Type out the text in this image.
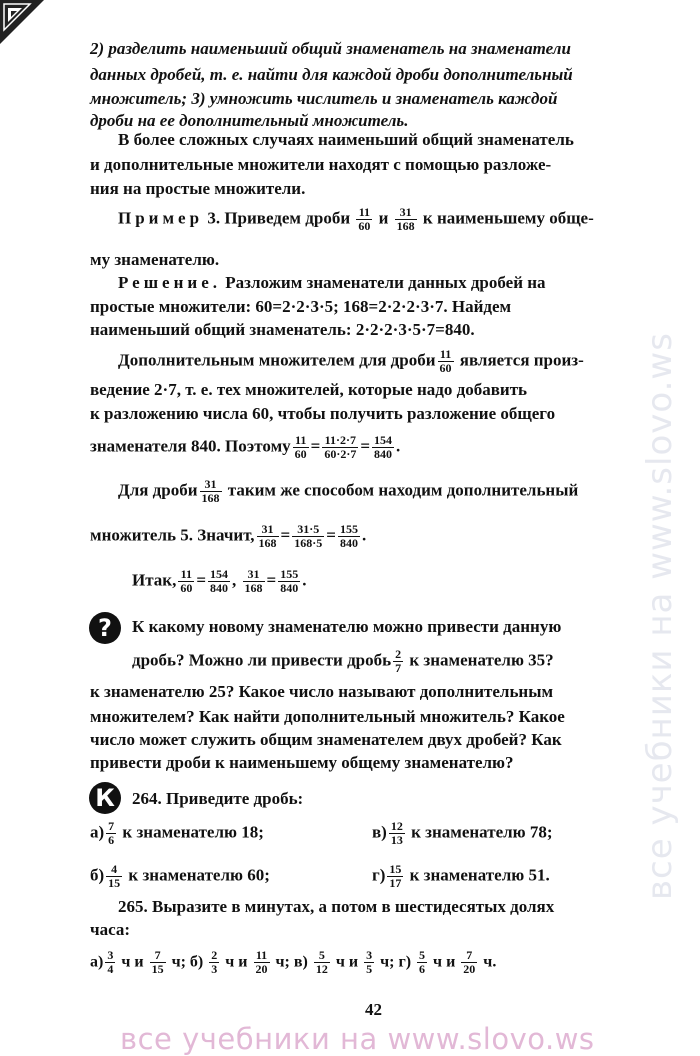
все учебники на www.slovo.ws
2) разделить наименьший общий знаменатель на знаменатели
данных дробей, т. е. найти для каждой дроби дополнительный
множитель; 3) умножить числитель и знаменатель каждой
дроби на ее дополнительный множитель.
В более сложных случаях наименьший общий знаменатель
и дополнительные множители находят с помощью разложе-
ния на простые множители.
Пример 3. Приведем дроби $\frac{11}{60}$ и $\frac{31}{168}$ к наименьшему обще-
му знаменателю.
Решение. Разложим знаменатели данных дробей на
простые множители: 60=2·2·3·5; 168=2·2·2·3·7. Найдем
наименьший общий знаменатель: 2·2·2·3·5·7=840.
Дополнительным множителем для дроби $\frac{11}{60}$ является произ-
ведение 2·7, т. е. тех множителей, которые надо добавить
к разложению числа 60, чтобы получить разложение общего
знаменателя 840. Поэтому $\frac{11}{60} = \frac{11\cdot 2\cdot 7}{60\cdot 2\cdot 7} = \frac{154}{840}$ .
Для дроби $\frac{31}{168}$ таким же способом находим дополнительный
множитель 5. Значит, $\frac{31}{168} = \frac{31\cdot 5}{168\cdot 5} = \frac{155}{840}$ .
Итак, $\frac{11}{60} = \frac{154}{840}$ , $\frac{31}{168} = \frac{155}{840}$ .
?	К какому новому знаменателю можно привести данную
дробь? Можно ли привести дробь $\frac{2}{7}$ к знаменателю 35?
к знаменателю 25? Какое число называют дополнительным
множителем? Как найти дополнительный множитель? Какое
число может служить общим знаменателем двух дробей? Как
привести дроби к наименьшему общему знаменателю?
К	264. Приведите дробь:
$а) \frac{7}{6}$ к знаменателю 18;	$в) \frac{12}{13}$ к знаменателю 78;
$б) \frac{4}{15}$ к знаменателю 60;	$г) \frac{15}{17}$ к знаменателю 51.
265. Выразите в минутах, а потом в шестидесятых долях
часа:
$а) \frac{3}{4}$ ч и $\frac{7}{15} ч$; $б) \frac{2}{3}$ ч и $\frac{11}{20} ч$; $в) \frac{5}{12}$ ч и $\frac{3}{5} ч$; $г) \frac{5}{6}$ ч и $\frac{7}{20} ч$.
42
все учебники на www.slovo.ws
